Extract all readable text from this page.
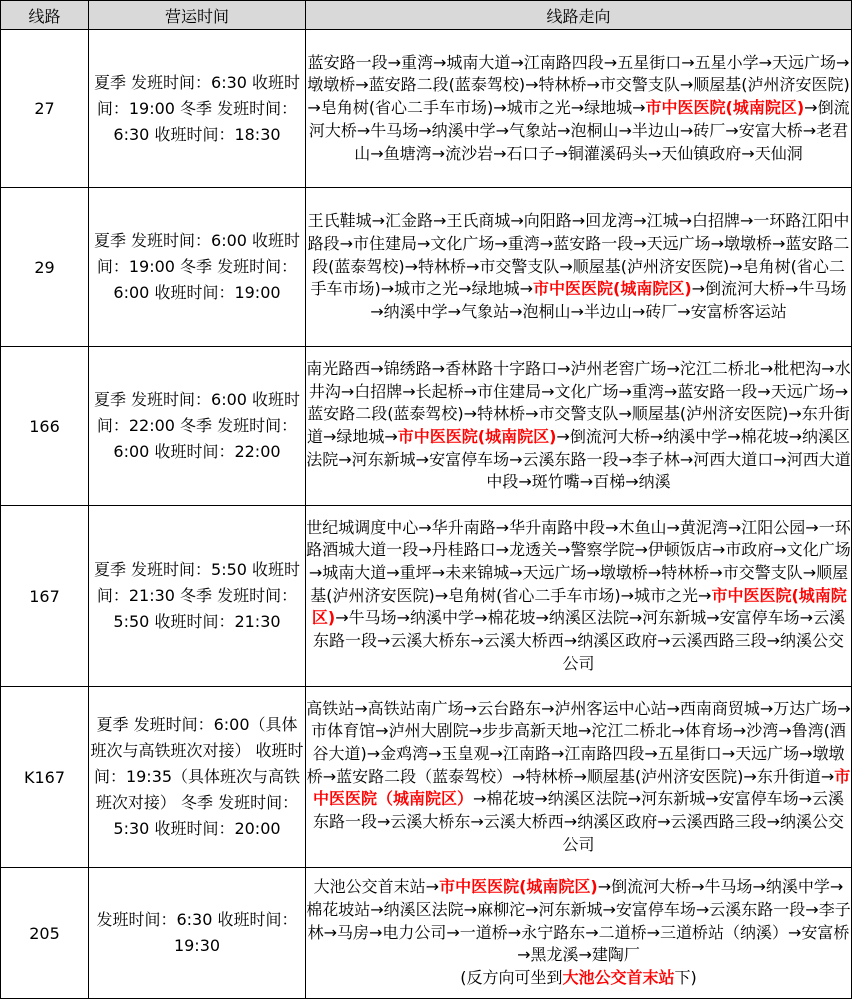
线路	营运时间	线路走向
27	夏季 发班时间：6:30 收班时间：19:00 冬季 发班时间：6:30 收班时间：18:30	蓝安路一段→重湾→城南大道→江南路四段→五星街口→五星小学→天远广场→墩墩桥→蓝安路二段(蓝泰驾校)→特林桥→市交警支队→顺屋基(泸州济安医院)→皂角树(省心二手车市场)→城市之光→绿地城→市中医医院(城南院区)→倒流河大桥→牛马场→纳溪中学→气象站→泡桐山→半边山→砖厂→安富大桥→老君山→鱼塘湾→流沙岩→石口子→铜灌溪码头→天仙镇政府→天仙洞
29	夏季 发班时间：6:00 收班时间：19:00 冬季 发班时间：6:00 收班时间：19:00	王氏鞋城→汇金路→王氏商城→向阳路→回龙湾→江城→白招牌→一环路江阳中路段→市住建局→文化广场→重湾→蓝安路一段→天远广场→墩墩桥→蓝安路二段(蓝泰驾校)→特林桥→市交警支队→顺屋基(泸州济安医院)→皂角树(省心二手车市场)→城市之光→绿地城→市中医医院(城南院区)→倒流河大桥→牛马场→纳溪中学→气象站→泡桐山→半边山→砖厂→安富桥客运站
166	夏季 发班时间：6:00 收班时间：22:00 冬季 发班时间：6:00 收班时间：22:00	南光路西→锦绣路→香林路十字路口→泸州老窖广场→沱江二桥北→枇杷沟→水井沟→白招牌→长起桥→市住建局→文化广场→重湾→蓝安路一段→天远广场→蓝安路二段(蓝泰驾校)→特林桥→市交警支队→顺屋基(泸州济安医院)→东升街道→绿地城→市中医医院(城南院区)→倒流河大桥→纳溪中学→棉花坡→纳溪区法院→河东新城→安富停车场→云溪东路一段→李子林→河西大道口→河西大道中段→斑竹嘴→百梯→纳溪
167	夏季 发班时间：5:50 收班时间：21:30 冬季 发班时间：5:50 收班时间：21:30	世纪城调度中心→华升南路→华升南路中段→木鱼山→黄泥湾→江阳公园→一环路酒城大道一段→丹桂路口→龙透关→警察学院→伊顿饭店→市政府→文化广场→城南大道→重坪→未来锦城→天远广场→墩墩桥→特林桥→市交警支队→顺屋基(泸州济安医院)→皂角树(省心二手车市场)→城市之光→市中医医院(城南院区)→牛马场→纳溪中学→棉花坡→纳溪区法院→河东新城→安富停车场→云溪东路一段→云溪大桥东→云溪大桥西→纳溪区政府→云溪西路三段→纳溪公交公司
K167	夏季 发班时间：6:00（具体班次与高铁班次对接） 收班时间：19:35（具体班次与高铁班次对接） 冬季 发班时间：5:30 收班时间：20:00	高铁站→高铁站南广场→云台路东→泸州客运中心站→西南商贸城→万达广场→市体育馆→泸州大剧院→步步高新天地→沱江二桥北→体育场→沙湾→鲁湾(酒谷大道)→金鸡湾→玉皇观→江南路→江南路四段→五星街口→天远广场→墩墩桥→蓝安路二段（蓝泰驾校）→特林桥→顺屋基(泸州济安医院)→东升街道→市中医医院（城南院区）→棉花坡→纳溪区法院→河东新城→安富停车场→云溪东路一段→云溪大桥东→云溪大桥西→纳溪区政府→云溪西路三段→纳溪公交公司
205	发班时间：6:30 收班时间：19:30	大池公交首末站→市中医医院(城南院区)→倒流河大桥→牛马场→纳溪中学→棉花坡站→纳溪区法院→麻柳沱→河东新城→安富停车场→云溪东路一段→李子林→马房→电力公司→一道桥→永宁路东→二道桥→三道桥站（纳溪）→安富桥→黑龙溪→建陶厂
(反方向可坐到大池公交首末站下)
